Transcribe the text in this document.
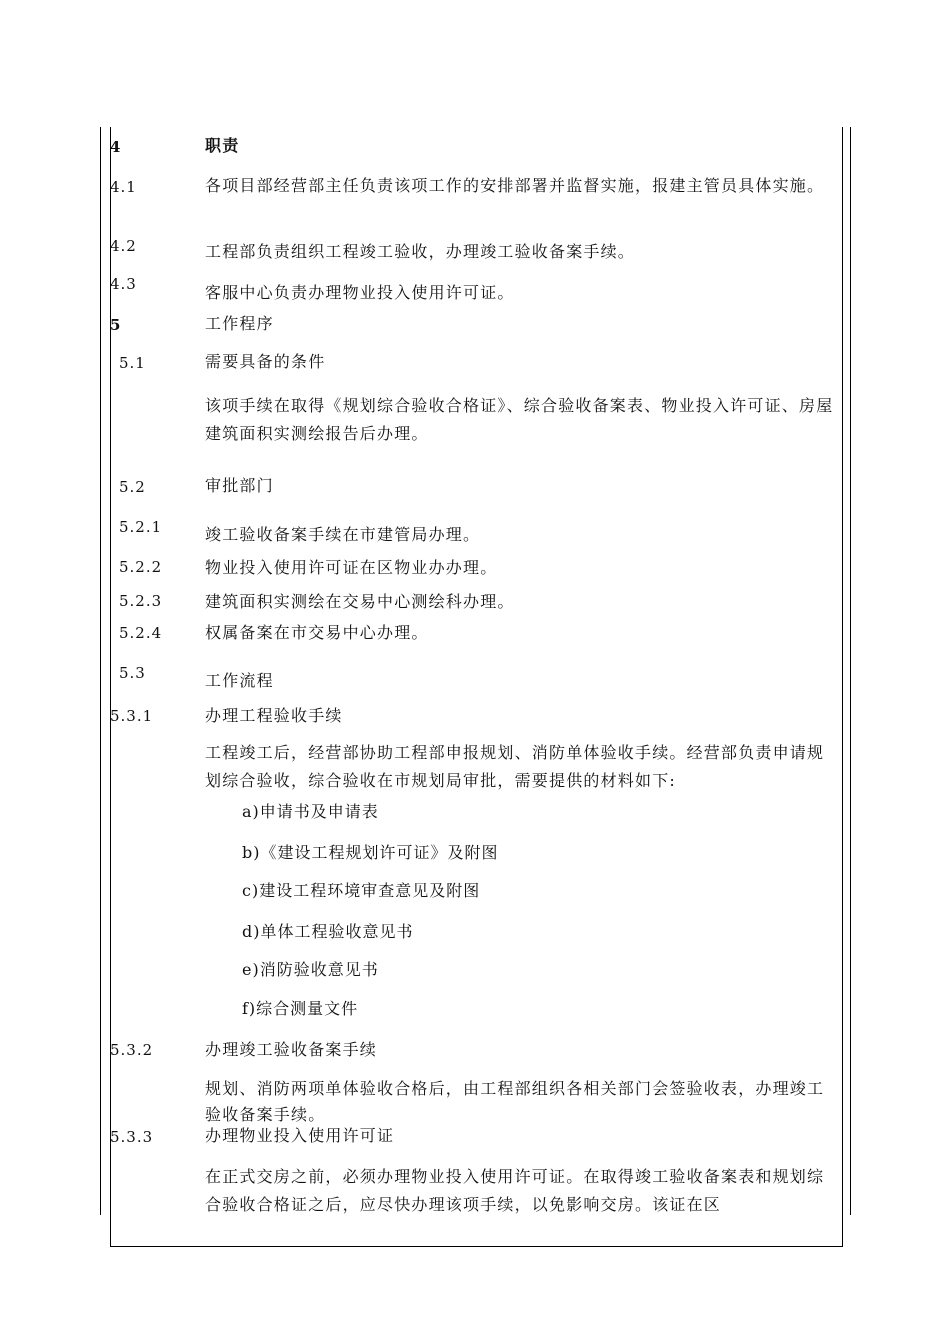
4	职责
4.1	各项目部经营部主任负责该项工作的安排部署并监督实施，报建主管员具体实施。
4.2	工程部负责组织工程竣工验收，办理竣工验收备案手续。
4.3	客服中心负责办理物业投入使用许可证。
5	工作程序
5.1	需要具备的条件
该项手续在取得《规划综合验收合格证》、综合验收备案表、物业投入许可证、房屋建筑面积实测绘报告后办理。
5.2	审批部门
5.2.1	竣工验收备案手续在市建管局办理。
5.2.2	物业投入使用许可证在区物业办办理。
5.2.3	建筑面积实测绘在交易中心测绘科办理。
5.2.4	权属备案在市交易中心办理。
5.3	工作流程
5.3.1	办理工程验收手续
工程竣工后，经营部协助工程部申报规划、消防单体验收手续。经营部负责申请规划综合验收，综合验收在市规划局审批，需要提供的材料如下:
a)申请书及申请表
b)《建设工程规划许可证》及附图
c)建设工程环境审查意见及附图
d)单体工程验收意见书
e)消防验收意见书
f)综合测量文件
5.3.2	办理竣工验收备案手续
规划、消防两项单体验收合格后，由工程部组织各相关部门会签验收表，办理竣工验收备案手续。
5.3.3	办理物业投入使用许可证
在正式交房之前，必须办理物业投入使用许可证。在取得竣工验收备案表和规划综合验收合格证之后，应尽快办理该项手续，以免影响交房。该证在区
